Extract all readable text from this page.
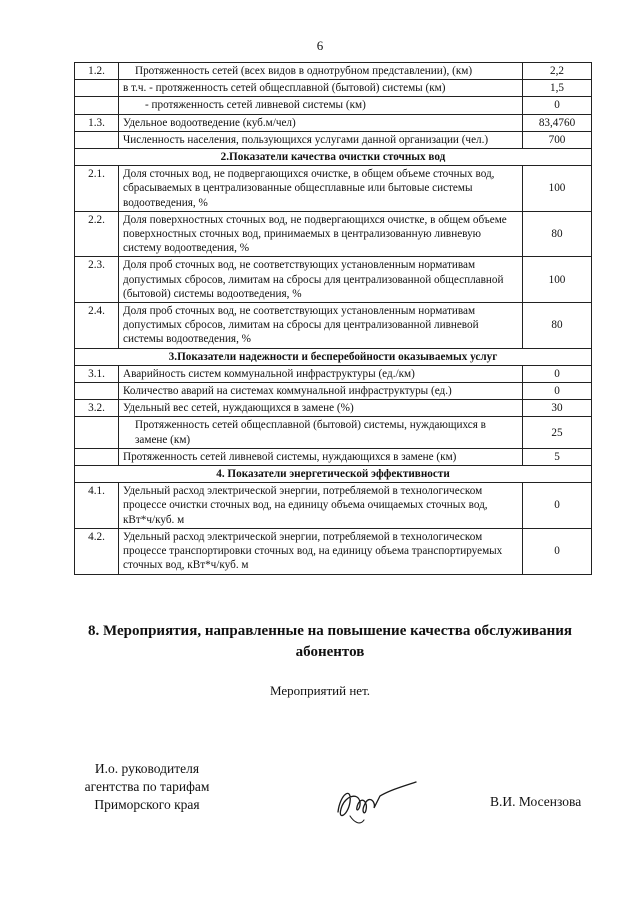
6
1.2.	Протяженность сетей (всех видов в однотрубном представлении), (км)	2,2
	в т.ч. - протяженность сетей общесплавной (бытовой) системы (км)	1,5
	- протяженность сетей ливневой системы (км)	0
1.3.	Удельное водоотведение (куб.м/чел)	83,4760
	Численность населения, пользующихся услугами данной организации (чел.)	700
2.Показатели качества очистки сточных вод		
2.1.	Доля сточных вод, не подвергающихся очистке, в общем объеме сточных вод, сбрасываемых в централизованные общесплавные или бытовые системы водоотведения, %	100
2.2.	Доля поверхностных сточных вод, не подвергающихся очистке, в общем объеме поверхностных сточных вод, принимаемых в централизованную ливневую систему водоотведения, %	80
2.3.	Доля проб сточных вод, не соответствующих установленным нормативам допустимых сбросов, лимитам на сбросы для централизованной общесплавной (бытовой) системы водоотведения, %	100
2.4.	Доля проб сточных вод, не соответствующих установленным нормативам допустимых сбросов, лимитам на сбросы для централизованной ливневой системы водоотведения, %	80
3.Показатели надежности и бесперебойности оказываемых услуг		
3.1.	Аварийность систем коммунальной инфраструктуры (ед./км)	0
	Количество аварий на системах коммунальной инфраструктуры (ед.)	0
3.2.	Удельный вес сетей, нуждающихся в замене (%)	30
	Протяженность сетей общесплавной (бытовой) системы, нуждающихся в замене (км)	25
	Протяженность сетей ливневой системы, нуждающихся в замене (км)	5
4. Показатели энергетической эффективности		
4.1.	Удельный расход электрической энергии, потребляемой в технологическом процессе очистки сточных вод, на единицу объема очищаемых сточных вод, кВт*ч/куб. м	0
4.2.	Удельный расход электрической энергии, потребляемой в технологическом процессе транспортировки сточных вод, на единицу объема транспортируемых сточных вод, кВт*ч/куб. м	0
8. Мероприятия, направленные на повышение качества обслуживания
абонентов
Мероприятий нет.
И.о. руководителя
агентства по тарифам
Приморского края	В.И. Мосензова
